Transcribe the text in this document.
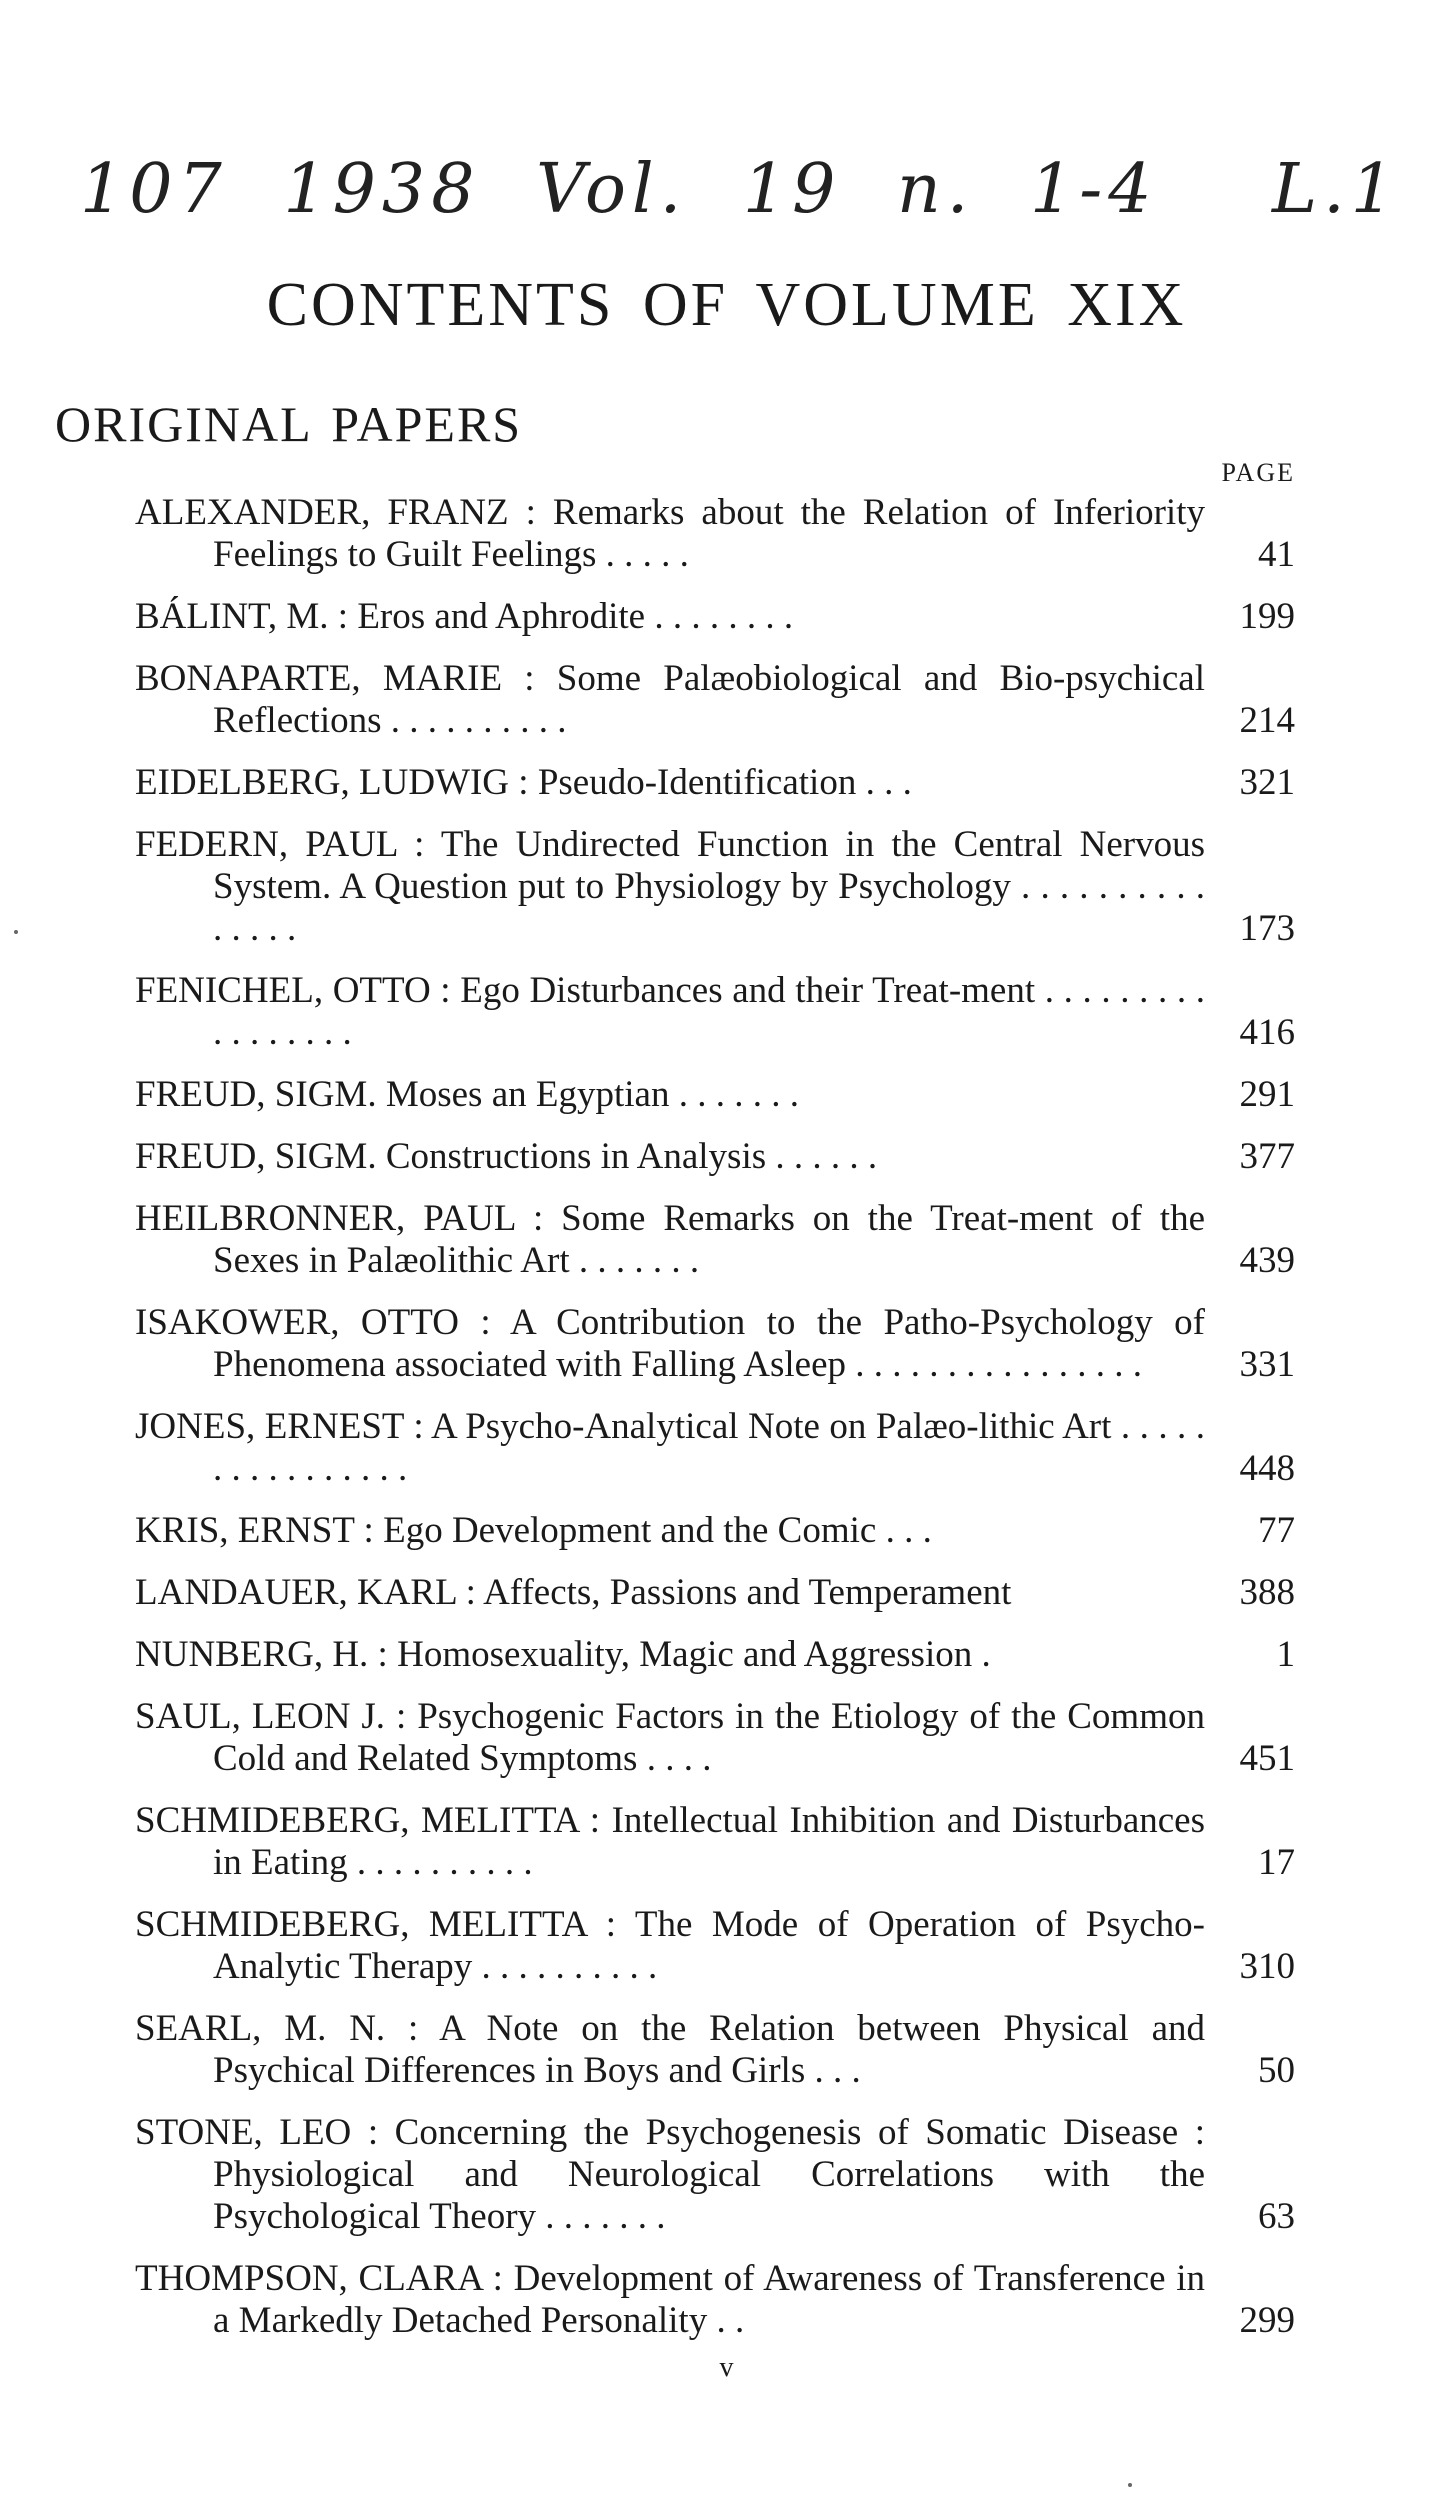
107 1938 Vol. 19 n. 1-4 L.1
CONTENTS OF VOLUME XIX
ORIGINAL PAPERS
PAGE
ALEXANDER, FRANZ : Remarks about the Relation of Inferiority Feelings to Guilt Feelings . . . . .	41
BÁLINT, M. : Eros and Aphrodite . . . . . . . .	199
BONAPARTE, MARIE : Some Palæobiological and Bio-psychical Reflections . . . . . . . . . .	214
EIDELBERG, LUDWIG : Pseudo-Identification . . .	321
FEDERN, PAUL : The Undirected Function in the Central Nervous System. A Question put to Physiology by Psychology . . . . . . . . . . . . . . .	173
FENICHEL, OTTO : Ego Disturbances and their Treat-ment . . . . . . . . . . . . . . . . .	416
FREUD, SIGM. Moses an Egyptian . . . . . . .	291
FREUD, SIGM. Constructions in Analysis . . . . . .	377
HEILBRONNER, PAUL : Some Remarks on the Treat-ment of the Sexes in Palæolithic Art . . . . . . .	439
ISAKOWER, OTTO : A Contribution to the Patho-Psychology of Phenomena associated with Falling Asleep . . . . . . . . . . . . . . . .	331
JONES, ERNEST : A Psycho-Analytical Note on Palæo-lithic Art . . . . . . . . . . . . . . . .	448
KRIS, ERNST : Ego Development and the Comic . . .	77
LANDAUER, KARL : Affects, Passions and Temperament	388
NUNBERG, H. : Homosexuality, Magic and Aggression .	1
SAUL, LEON J. : Psychogenic Factors in the Etiology of the Common Cold and Related Symptoms . . . .	451
SCHMIDEBERG, MELITTA : Intellectual Inhibition and Disturbances in Eating . . . . . . . . . .	17
SCHMIDEBERG, MELITTA : The Mode of Operation of Psycho-Analytic Therapy . . . . . . . . . .	310
SEARL, M. N. : A Note on the Relation between Physical and Psychical Differences in Boys and Girls . . .	50
STONE, LEO : Concerning the Psychogenesis of Somatic Disease : Physiological and Neurological Correlations with the Psychological Theory . . . . . . .	63
THOMPSON, CLARA : Development of Awareness of Transference in a Markedly Detached Personality . .	299
v
